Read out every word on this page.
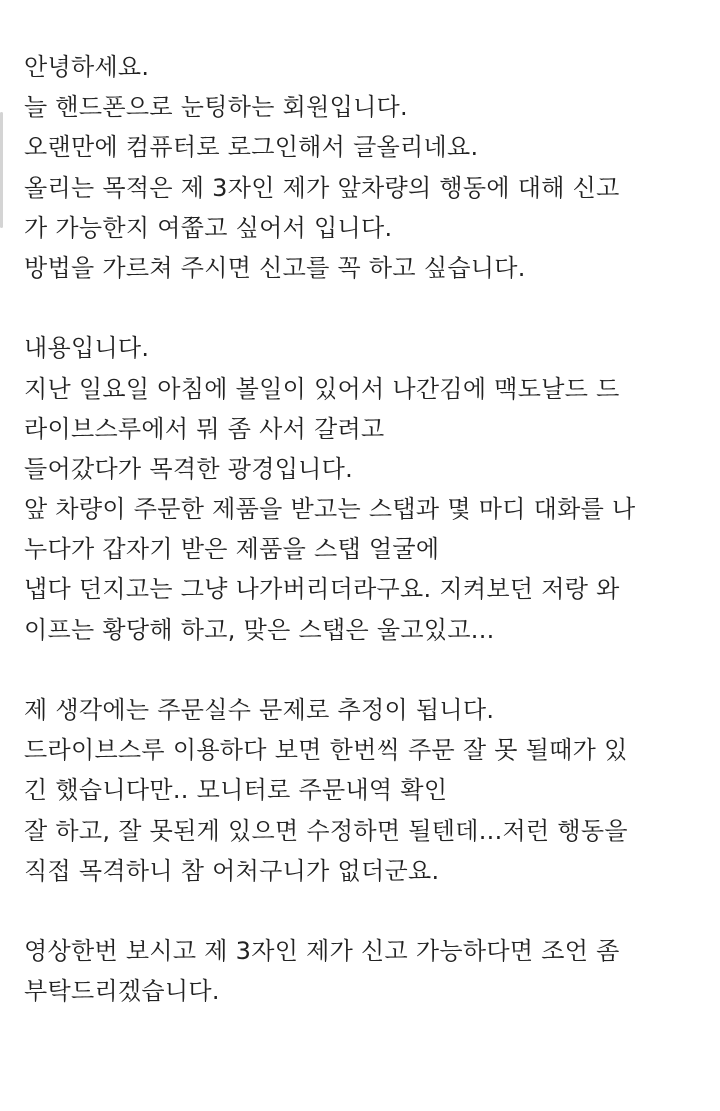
안녕하세요.
늘 핸드폰으로 눈팅하는 회원입니다.
오랜만에 컴퓨터로 로그인해서 글올리네요.
올리는 목적은 제 3자인 제가 앞차량의 행동에 대해 신고
가 가능한지 여쭙고 싶어서 입니다.
방법을 가르쳐 주시면 신고를 꼭 하고 싶습니다.
내용입니다.
지난 일요일 아침에 볼일이 있어서 나간김에 맥도날드 드
라이브스루에서 뭐 좀 사서 갈려고
들어갔다가 목격한 광경입니다.
앞 차량이 주문한 제품을 받고는 스탭과 몇 마디 대화를 나
누다가 갑자기 받은 제품을 스탭 얼굴에
냅다 던지고는 그냥 나가버리더라구요. 지켜보던 저랑 와
이프는 황당해 하고, 맞은 스탭은 울고있고...
제 생각에는 주문실수 문제로 추정이 됩니다.
드라이브스루 이용하다 보면 한번씩 주문 잘 못 될때가 있
긴 했습니다만.. 모니터로 주문내역 확인
잘 하고, 잘 못된게 있으면 수정하면 될텐데...저런 행동을
직접 목격하니 참 어처구니가 없더군요.
영상한번 보시고 제 3자인 제가 신고 가능하다면 조언 좀
부탁드리겠습니다.
